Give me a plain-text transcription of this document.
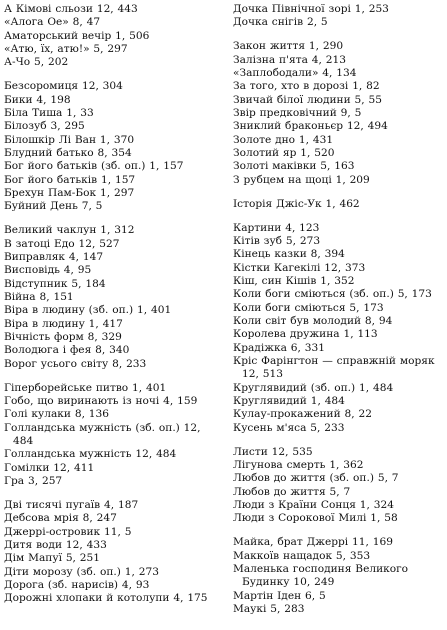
А Кімові сльози 12, 443
«Алога Ое» 8, 47
Аматорський вечір 1, 506
«Атю, їх, атю!» 5, 297
А-Чо 5, 202
Безсоромиця 12, 304
Бики 4, 198
Біла Тиша 1, 33
Білозуб 3, 295
Білошкір Лі Ван 1, 370
Блудний батько 8, 354
Бог його батьків (зб. оп.) 1, 157
Бог його батьків 1, 157
Брехун Пам-Бок 1, 297
Буйний День 7, 5
Великий чаклун 1, 312
В затоці Едо 12, 527
Виправляк 4, 147
Висповідь 4, 95
Відступник 5, 184
Війна 8, 151
Віра в людину (зб. оп.) 1, 401
Віра в людину 1, 417
Вічність форм 8, 329
Володюга і фея 8, 340
Ворог усього світу 8, 233
Гіперборейське питво 1, 401
Гобо, що виринають із ночі 4, 159
Голі кулаки 8, 136
Голландська мужність (зб. оп.) 12, 484
Голландська мужність 12, 484
Гомілки 12, 411
Гра 3, 257
Дві тисячі пугаїв 4, 187
Дебсова мрія 8, 247
Джеррі-островик 11, 5
Дитя води 12, 433
Дім Мапуї 5, 251
Діти морозу (зб. оп.) 1, 273
Дорога (зб. нарисів) 4, 93
Дорожні хлопаки й котолупи 4, 175
Дочка Північної зорі 1, 253
Дочка снігів 2, 5
Закон життя 1, 290
Залізна п'ята 4, 213
«Заплободали» 4, 134
За того, хто в дорозі 1, 82
Звичай білої людини 5, 55
Звір предковічний 9, 5
Зниклий браконьєр 12, 494
Золоте дно 1, 431
Золотий яр 1, 520
Золоті маківки 5, 163
З рубцем на щоці 1, 209
Історія Джіс-Ук 1, 462
Картини 4, 123
Кітів зуб 5, 273
Кінець казки 8, 394
Кістки Кагекілі 12, 373
Кіш, син Кішів 1, 352
Коли боги сміються (зб. оп.) 5, 173
Коли боги сміються 5, 173
Коли світ був молодий 8, 94
Королева дружина 1, 113
Крадіжка 6, 331
Кріс Фарінгтон — справжній моряк 12, 513
Круглявидий (зб. оп.) 1, 484
Круглявидий 1, 484
Кулау-прокажений 8, 22
Кусень м'яса 5, 233
Листи 12, 535
Лігунова смерть 1, 362
Любов до життя (зб. оп.) 5, 7
Любов до життя 5, 7
Люди з Країни Сонця 1, 324
Люди з Сорокової Милі 1, 58
Майка, брат Джеррі 11, 169
Маккоїв нащадок 5, 353
Маленька господиня Великого Будинку 10, 249
Мартін Іден 6, 5
Маукі 5, 283
